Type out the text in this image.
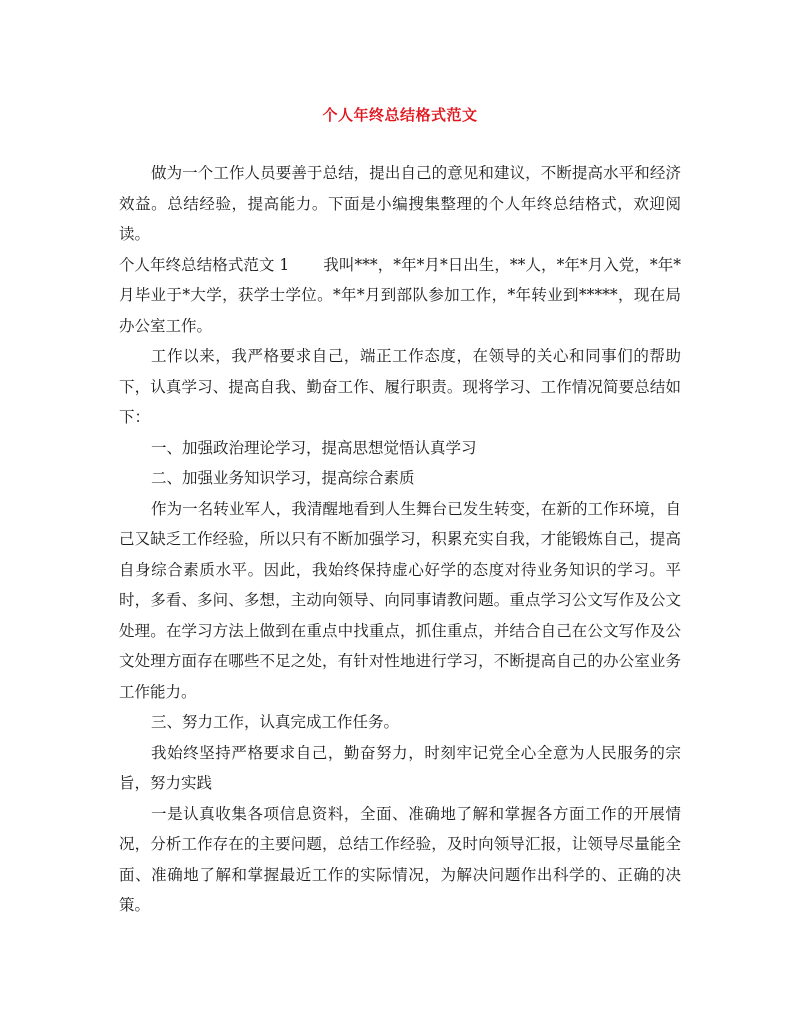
个人年终总结格式范文

做为一个工作人员要善于总结，提出自己的意见和建议，不断提高水平和经济效益。总结经验，提高能力。下面是小编搜集整理的个人年终总结格式，欢迎阅读。

个人年终总结格式范文 1 我叫***，*年*月*日出生，**人，*年*月入党，*年*月毕业于*大学，获学士学位。*年*月到部队参加工作，*年转业到*****，现在局办公室工作。

工作以来，我严格要求自己，端正工作态度，在领导的关心和同事们的帮助下，认真学习、提高自我、勤奋工作、履行职责。现将学习、工作情况简要总结如下：

一、加强政治理论学习，提高思想觉悟认真学习

二、加强业务知识学习，提高综合素质

作为一名转业军人，我清醒地看到人生舞台已发生转变，在新的工作环境，自己又缺乏工作经验，所以只有不断加强学习，积累充实自我，才能锻炼自己，提高自身综合素质水平。因此，我始终保持虚心好学的态度对待业务知识的学习。平时，多看、多问、多想，主动向领导、向同事请教问题。重点学习公文写作及公文处理。在学习方法上做到在重点中找重点，抓住重点，并结合自己在公文写作及公文处理方面存在哪些不足之处，有针对性地进行学习，不断提高自己的办公室业务工作能力。

三、努力工作，认真完成工作任务。

我始终坚持严格要求自己，勤奋努力，时刻牢记党全心全意为人民服务的宗旨，努力实践

一是认真收集各项信息资料，全面、准确地了解和掌握各方面工作的开展情况，分析工作存在的主要问题，总结工作经验，及时向领导汇报，让领导尽量能全面、准确地了解和掌握最近工作的实际情况，为解决问题作出科学的、正确的决策。
